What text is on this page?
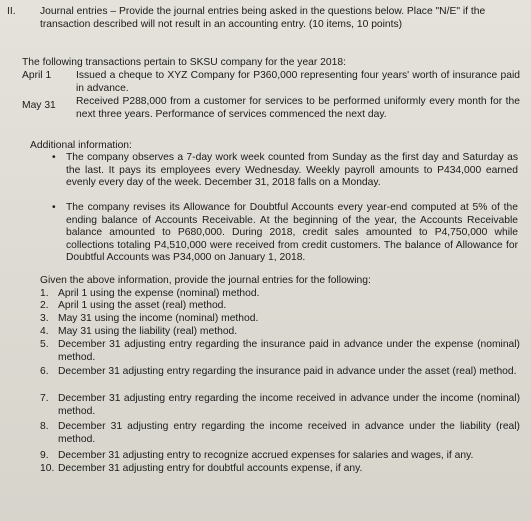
II. Journal entries – Provide the journal entries being asked in the questions below. Place "N/E" if the transaction described will not result in an accounting entry. (10 items, 10 points)
The following transactions pertain to SKSU company for the year 2018:
April 1 Issued a cheque to XYZ Company for P360,000 representing four years' worth of insurance paid in advance.
May 31 Received P288,000 from a customer for services to be performed uniformly every month for the next three years. Performance of services commenced the next day.
Additional information:
• The company observes a 7-day work week counted from Sunday as the first day and Saturday as the last. It pays its employees every Wednesday. Weekly payroll amounts to P434,000 earned evenly every day of the week. December 31, 2018 falls on a Monday.
• The company revises its Allowance for Doubtful Accounts every year-end computed at 5% of the ending balance of Accounts Receivable. At the beginning of the year, the Accounts Receivable balance amounted to P680,000. During 2018, credit sales amounted to P4,750,000 while collections totaling P4,510,000 were received from credit customers. The balance of Allowance for Doubtful Accounts was P34,000 on January 1, 2018.
Given the above information, provide the journal entries for the following:
1. April 1 using the expense (nominal) method.
2. April 1 using the asset (real) method.
3. May 31 using the income (nominal) method.
4. May 31 using the liability (real) method.
5. December 31 adjusting entry regarding the insurance paid in advance under the expense (nominal) method.
6. December 31 adjusting entry regarding the insurance paid in advance under the asset (real) method.
7. December 31 adjusting entry regarding the income received in advance under the income (nominal) method.
8. December 31 adjusting entry regarding the income received in advance under the liability (real) method.
9. December 31 adjusting entry to recognize accrued expenses for salaries and wages, if any.
10. December 31 adjusting entry for doubtful accounts expense, if any.
